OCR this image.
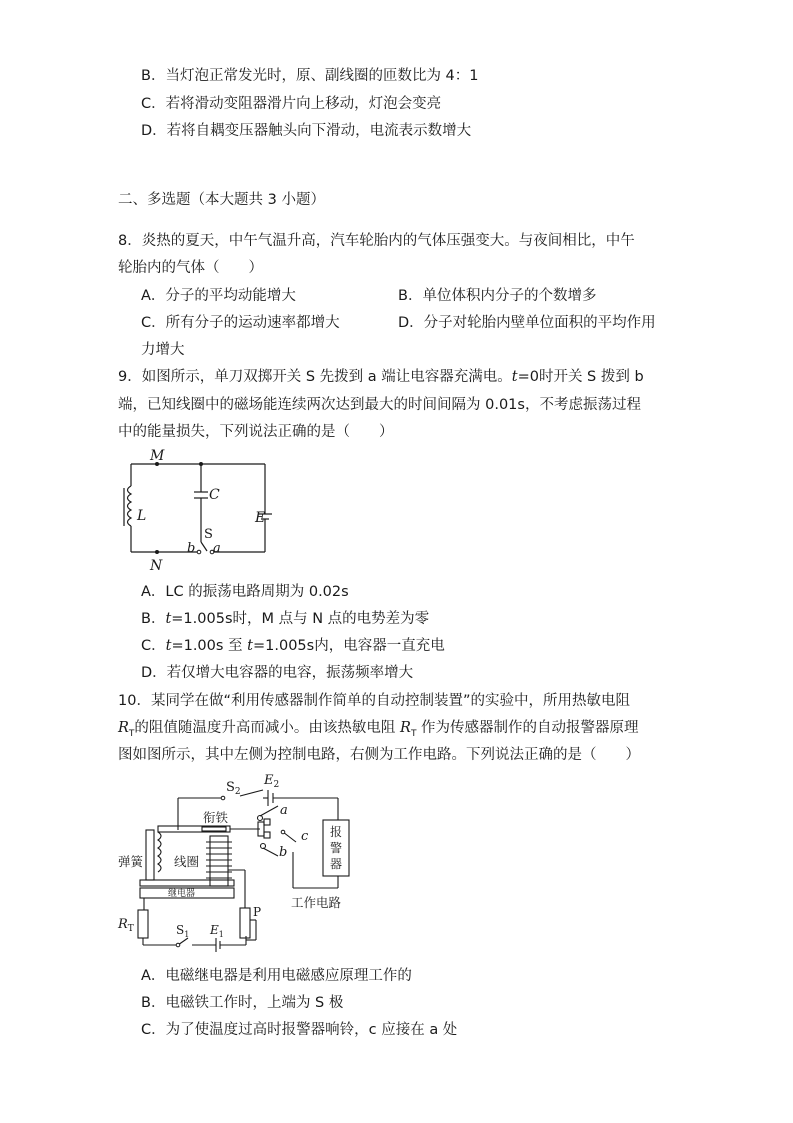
B．当灯泡正常发光时，原、副线圈的匝数比为 4：1
C．若将滑动变阻器滑片向上移动，灯泡会变亮
D．若将自耦变压器触头向下滑动，电流表示数增大
二、多选题（本大题共 3 小题）
8．炎热的夏天，中午气温升高，汽车轮胎内的气体压强变大。与夜间相比，中午
轮胎内的气体（　　）
A．分子的平均动能增大	B．单位体积内分子的个数增多
C．所有分子的运动速率都增大	D．分子对轮胎内壁单位面积的平均作用
力增大
9．如图所示，单刀双掷开关 S 先拨到 a 端让电容器充满电。t=0时开关 S 拨到 b
端，已知线圈中的磁场能连续两次达到最大的时间间隔为 0.01s，不考虑振荡过程
中的能量损失，下列说法正确的是（　　）
M
N
L
C
E
S
b a
A．LC 的振荡电路周期为 0.02s
B．t=1.005s时，M 点与 N 点的电势差为零
C．t=1.00s 至 t=1.005s内，电容器一直充电
D．若仅增大电容器的电容，振荡频率增大
10．某同学在做“利用传感器制作简单的自动控制装置”的实验中，所用热敏电阻
$R_T$的阻值随温度升高而减小。由该热敏电阻 $R_T$ 作为传感器制作的自动报警器原理
图如图所示，其中左侧为控制电路，右侧为工作电路。下列说法正确的是（　　）
$S_2$
$E_2$
a
b
c
衔铁
弹簧 线圈
继电器
报
警
器
工作电路
P
$R_T$	$S_1$ $E_1$
A．电磁继电器是利用电磁感应原理工作的
B．电磁铁工作时，上端为 S 极
C．为了使温度过高时报警器响铃，c 应接在 a 处
